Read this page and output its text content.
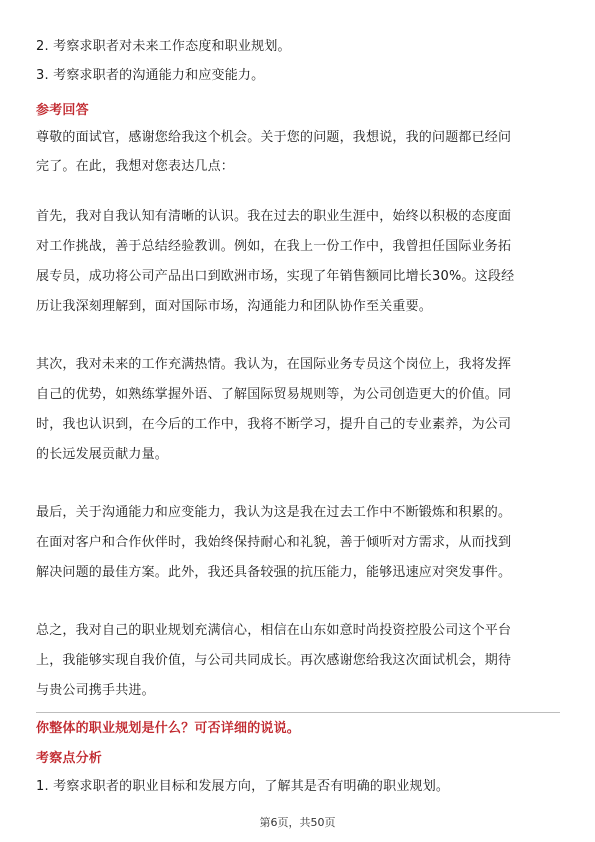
2. 考察求职者对未来工作态度和职业规划。
3. 考察求职者的沟通能力和应变能力。
参考回答
尊敬的面试官，感谢您给我这个机会。关于您的问题，我想说，我的问题都已经问
完了。在此，我想对您表达几点：
首先，我对自我认知有清晰的认识。我在过去的职业生涯中，始终以积极的态度面
对工作挑战，善于总结经验教训。例如，在我上一份工作中，我曾担任国际业务拓
展专员，成功将公司产品出口到欧洲市场，实现了年销售额同比增长30%。这段经
历让我深刻理解到，面对国际市场，沟通能力和团队协作至关重要。
其次，我对未来的工作充满热情。我认为，在国际业务专员这个岗位上，我将发挥
自己的优势，如熟练掌握外语、了解国际贸易规则等，为公司创造更大的价值。同
时，我也认识到，在今后的工作中，我将不断学习，提升自己的专业素养，为公司
的长远发展贡献力量。
最后，关于沟通能力和应变能力，我认为这是我在过去工作中不断锻炼和积累的。
在面对客户和合作伙伴时，我始终保持耐心和礼貌，善于倾听对方需求，从而找到
解决问题的最佳方案。此外，我还具备较强的抗压能力，能够迅速应对突发事件。
总之，我对自己的职业规划充满信心，相信在山东如意时尚投资控股公司这个平台
上，我能够实现自我价值，与公司共同成长。再次感谢您给我这次面试机会，期待
与贵公司携手共进。
你整体的职业规划是什么？可否详细的说说。
考察点分析
1. 考察求职者的职业目标和发展方向，了解其是否有明确的职业规划。
第6页，共50页
